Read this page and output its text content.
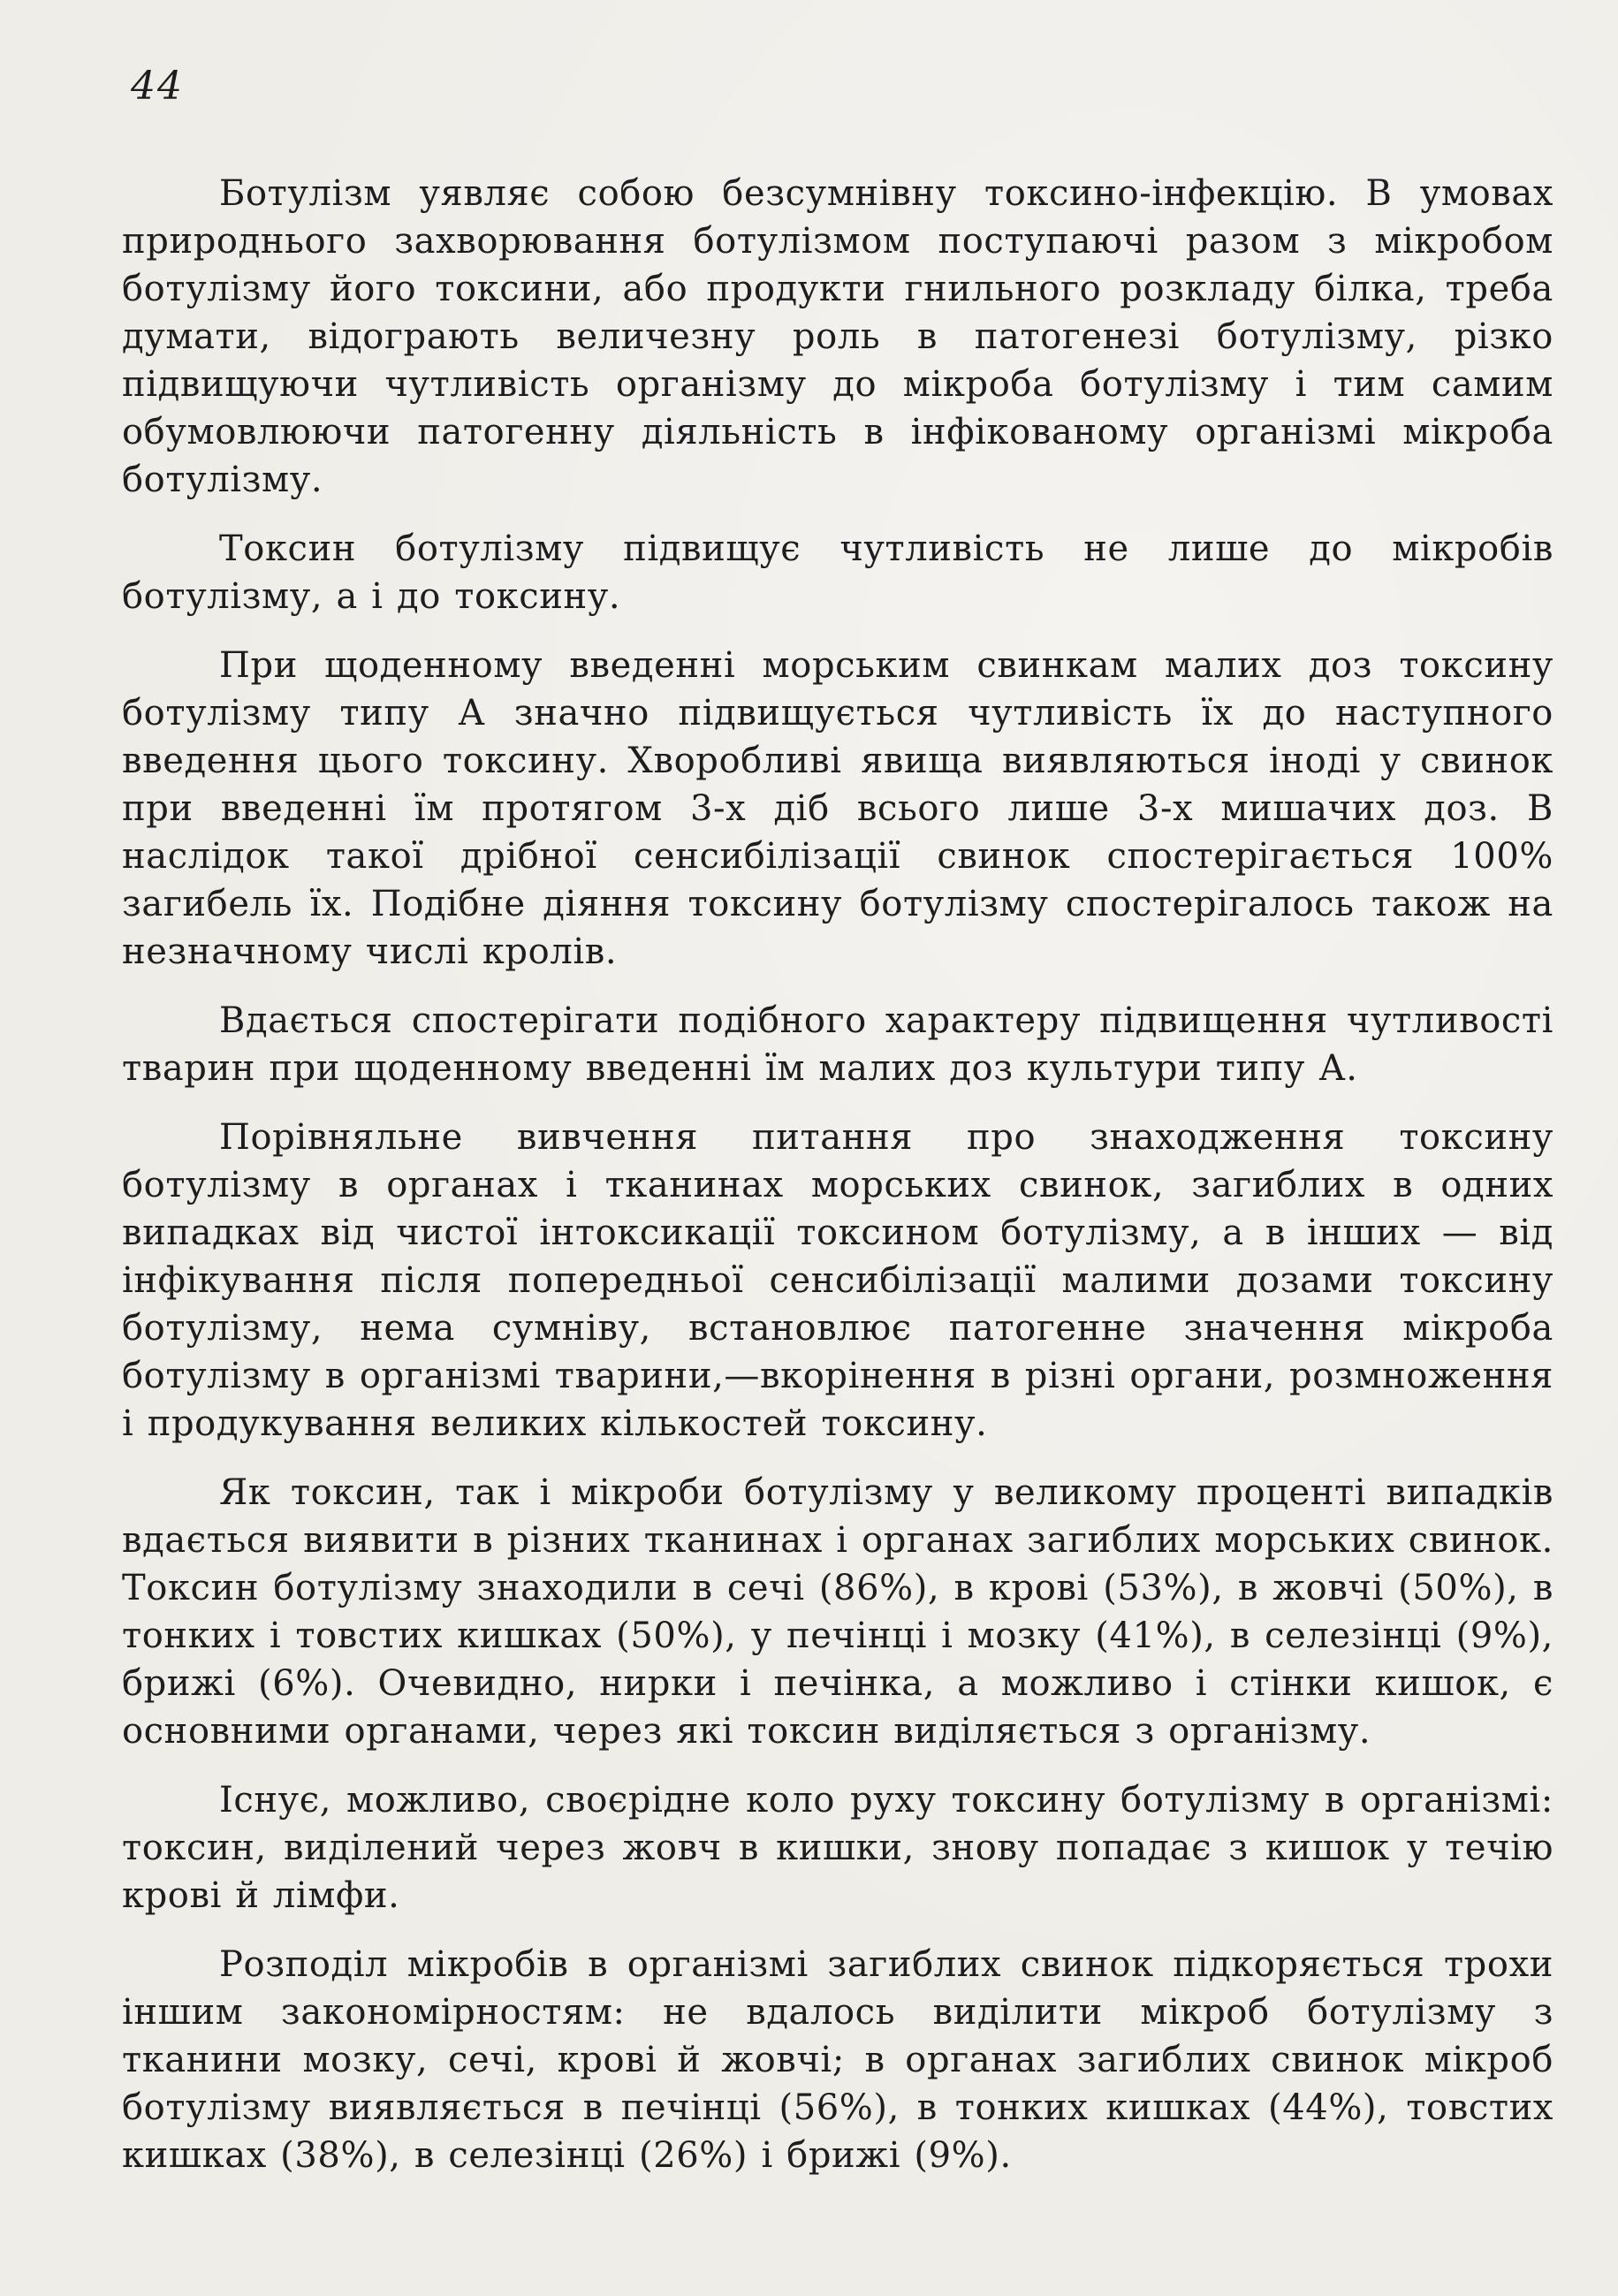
44

Ботулізм уявляє собою безсумнівну токсино-інфекцію. В умовах природнього захворювання ботулізмом поступаючі разом з мікробом ботулізму його токсини, або продукти гнильного розкладу білка, треба думати, відограють величезну роль в патогенезі ботулізму, різко підвищуючи чутливість організму до мікроба ботулізму і тим самим обумовлюючи патогенну діяльність в інфікованому організмі мікроба ботулізму.

Токсин ботулізму підвищує чутливість не лише до мікробів ботулізму, а і до токсину.

При щоденному введенні морським свинкам малих доз токсину ботулізму типу А значно підвищується чутливість їх до наступного введення цього токсину. Хворобливі явища виявляються іноді у свинок при введенні їм протягом 3-х діб всього лише 3-х мишачих доз. В наслідок такої дрібної сенсибілізації свинок спостерігається 100% загибель їх. Подібне діяння токсину ботулізму спостерігалось також на незначному числі кролів.

Вдається спостерігати подібного характеру підвищення чутливості тварин при щоденному введенні їм малих доз культури типу А.

Порівняльне вивчення питання про знаходження токсину ботулізму в органах і тканинах морських свинок, загиблих в одних випадках від чистої інтоксикації токсином ботулізму, а в інших — від інфікування після попередньої сенсибілізації малими дозами токсину ботулізму, нема сумніву, встановлює патогенне значення мікроба ботулізму в організмі тварини,—вкорінення в різні органи, розмноження і продукування великих кількостей токсину.

Як токсин, так і мікроби ботулізму у великому проценті випадків вдається виявити в різних тканинах і органах загиблих морських свинок. Токсин ботулізму знаходили в сечі (86%), в крові (53%), в жовчі (50%), в тонких і товстих кишках (50%), у печінці і мозку (41%), в селезінці (9%), брижі (6%). Очевидно, нирки і печінка, а можливо і стінки кишок, є основними органами, через які токсин виділяється з організму.

Існує, можливо, своєрідне коло руху токсину ботулізму в організмі: токсин, виділений через жовч в кишки, знову попадає з кишок у течію крові й лімфи.

Розподіл мікробів в організмі загиблих свинок підкоряється трохи іншим закономірностям: не вдалось виділити мікроб ботулізму з тканини мозку, сечі, крові й жовчі; в органах загиблих свинок мікроб ботулізму виявляється в печінці (56%), в тонких кишках (44%), товстих кишках (38%), в селезінці (26%) і брижі (9%).
